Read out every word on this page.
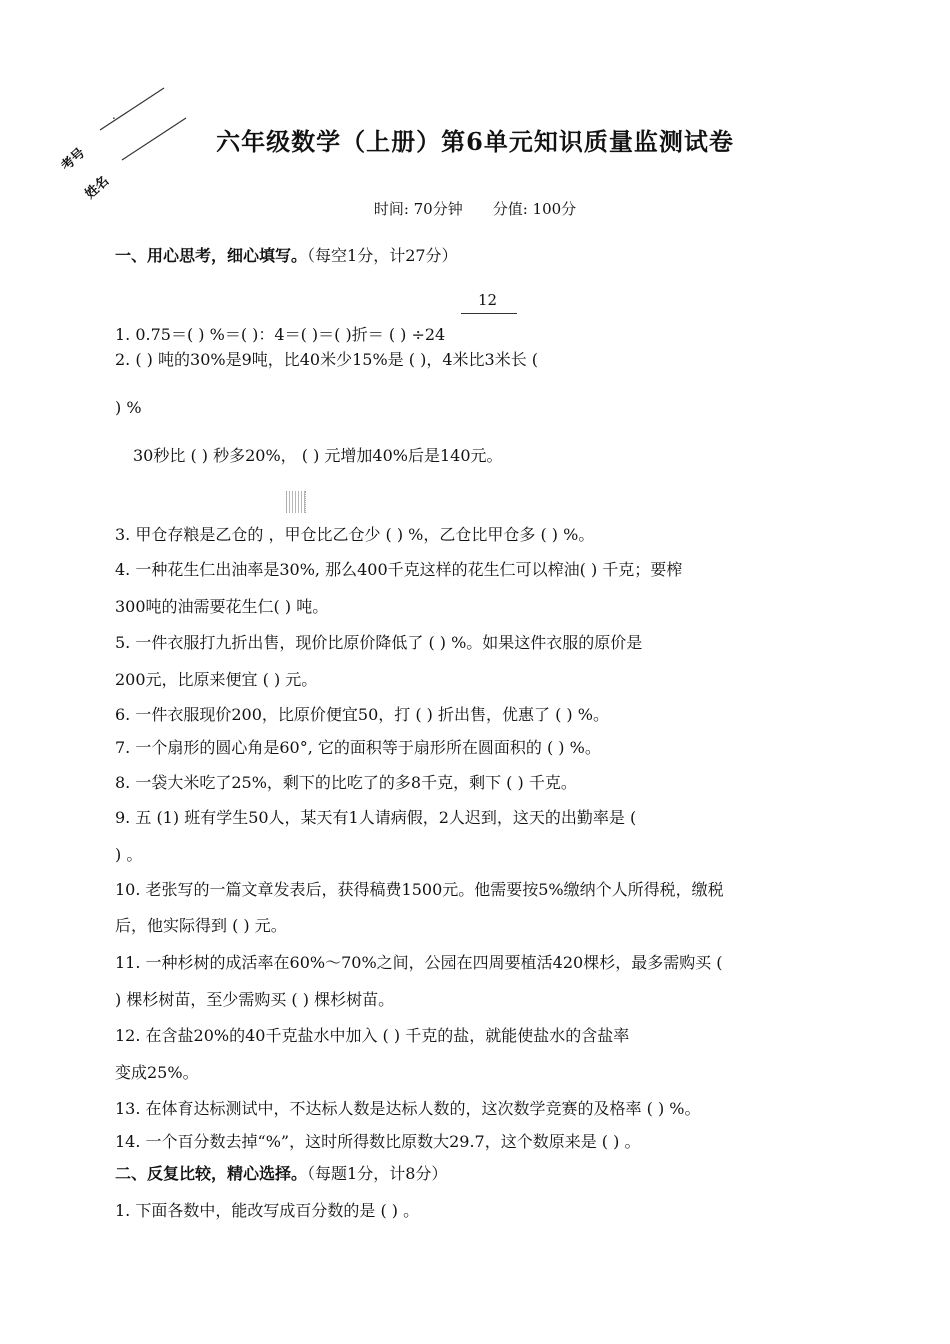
.
考号
姓名
六年级数学（上册）第6单元知识质量监测试卷
时间: 70分钟 分值: 100分
一、用心思考，细心填写。（每空1分，计27分）
12
1. 0.75＝( ) %＝( )：4＝( )＝( )折＝ ( ) ÷24
2. ( ) 吨的30%是9吨，比40米少15%是 ( )，4米比3米长 (
) %
30秒比 ( ) 秒多20%， ( ) 元增加40%后是140元。
3. 甲仓存粮是乙仓的 ，甲仓比乙仓少 ( ) %，乙仓比甲仓多 ( ) %。
4. 一种花生仁出油率是30%, 那么400千克这样的花生仁可以榨油( ) 千克；要榨
300吨的油需要花生仁( ) 吨。
5. 一件衣服打九折出售，现价比原价降低了 ( ) %。如果这件衣服的原价是
200元，比原来便宜 ( ) 元。
6. 一件衣服现价200，比原价便宜50，打 ( ) 折出售，优惠了 ( ) %。
7. 一个扇形的圆心角是60°, 它的面积等于扇形所在圆面积的 ( ) %。
8. 一袋大米吃了25%，剩下的比吃了的多8千克，剩下 ( ) 千克。
9. 五 (1) 班有学生50人，某天有1人请病假，2人迟到，这天的出勤率是 (
) 。
10. 老张写的一篇文章发表后，获得稿费1500元。他需要按5%缴纳个人所得税，缴税
后，他实际得到 ( ) 元。
11. 一种杉树的成活率在60%～70%之间，公园在四周要植活420棵杉，最多需购买 (
) 棵杉树苗，至少需购买 ( ) 棵杉树苗。
12. 在含盐20%的40千克盐水中加入 ( ) 千克的盐，就能使盐水的含盐率
变成25%。
13. 在体育达标测试中，不达标人数是达标人数的，这次数学竞赛的及格率 ( ) %。
14. 一个百分数去掉“%”，这时所得数比原数大29.7，这个数原来是 ( ) 。
二、反复比较，精心选择。（每题1分，计8分）
1. 下面各数中，能改写成百分数的是 ( ) 。
